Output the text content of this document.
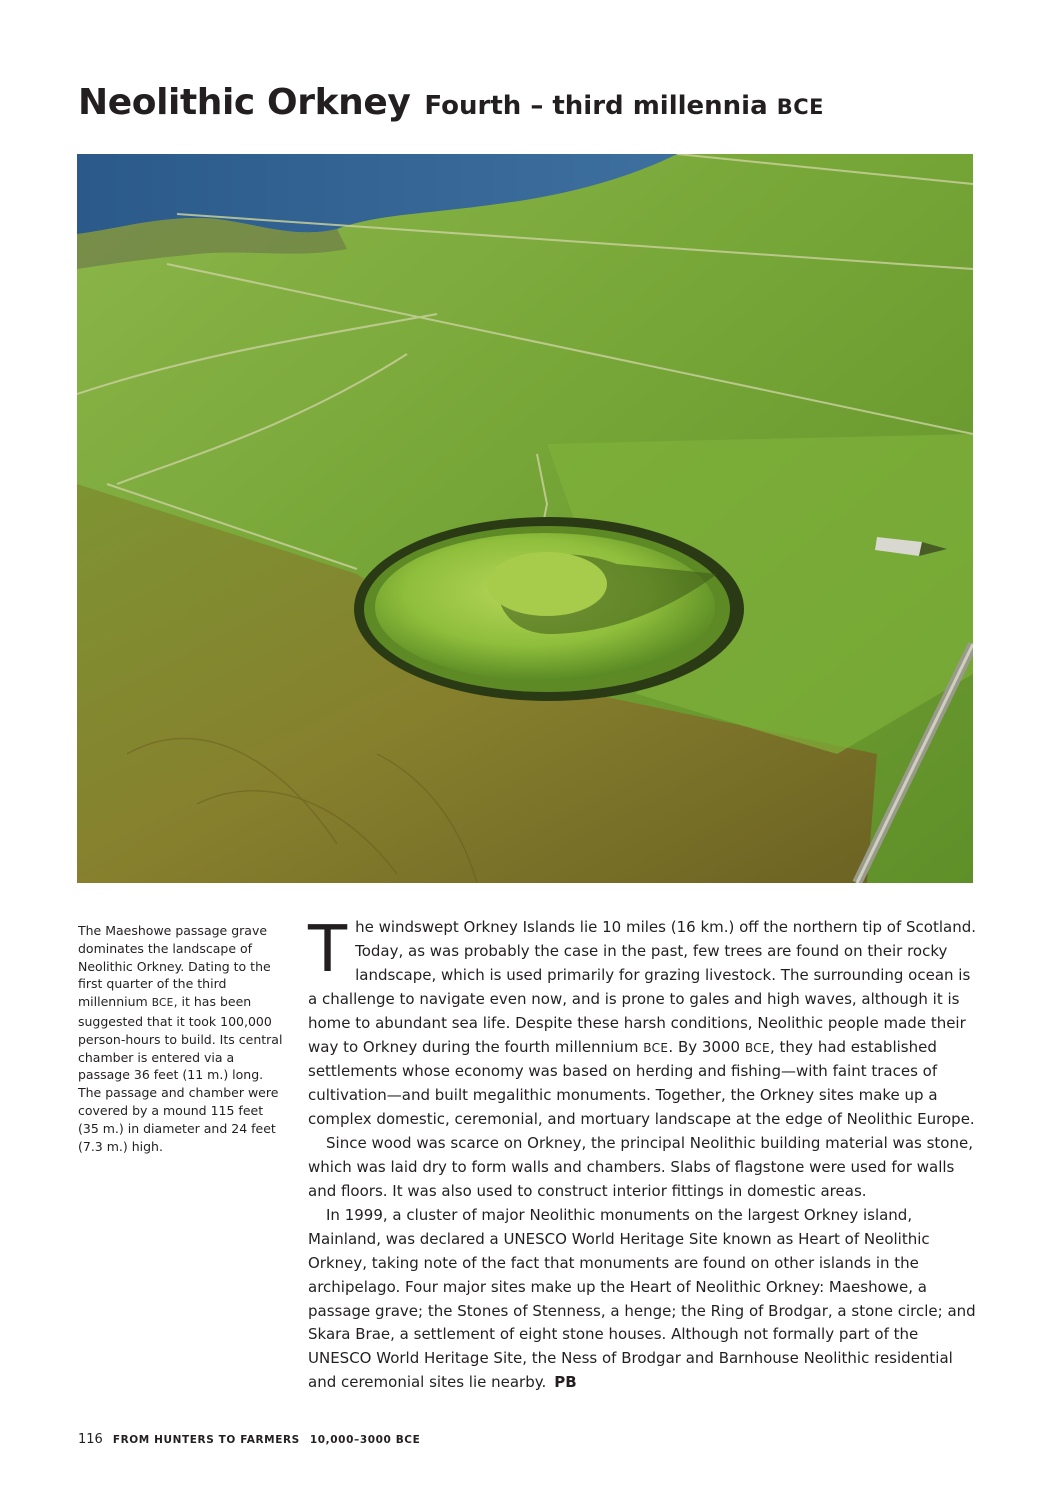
Neolithic Orkney Fourth – third millennia BCE
The Maeshowe passage grave dominates the landscape of Neolithic Orkney. Dating to the first quarter of the third millennium BCE, it has been suggested that it took 100,000 person-hours to build. Its central chamber is entered via a passage 36 feet (11 m.) long. The passage and chamber were covered by a mound 115 feet (35 m.) in diameter and 24 feet (7.3 m.) high.

The windswept Orkney Islands lie 10 miles (16 km.) off the northern tip of Scotland. Today, as was probably the case in the past, few trees are found on their rocky landscape, which is used primarily for grazing livestock. The surrounding ocean is a challenge to navigate even now, and is prone to gales and high waves, although it is home to abundant sea life. Despite these harsh conditions, Neolithic people made their way to Orkney during the fourth millennium BCE. By 3000 BCE, they had established settlements whose economy was based on herding and fishing—with faint traces of cultivation—and built megalithic monuments. Together, the Orkney sites make up a complex domestic, ceremonial, and mortuary landscape at the edge of Neolithic Europe.

Since wood was scarce on Orkney, the principal Neolithic building material was stone, which was laid dry to form walls and chambers. Slabs of flagstone were used for walls and floors. It was also used to construct interior fittings in domestic areas.

In 1999, a cluster of major Neolithic monuments on the largest Orkney island, Mainland, was declared a UNESCO World Heritage Site known as Heart of Neolithic Orkney, taking note of the fact that monuments are found on other islands in the archipelago. Four major sites make up the Heart of Neolithic Orkney: Maeshowe, a passage grave; the Stones of Stenness, a henge; the Ring of Brodgar, a stone circle; and Skara Brae, a settlement of eight stone houses. Although not formally part of the UNESCO World Heritage Site, the Ness of Brodgar and Barnhouse Neolithic residential and ceremonial sites lie nearby. PB

116 FROM HUNTERS TO FARMERS 10,000–3000 BCE
